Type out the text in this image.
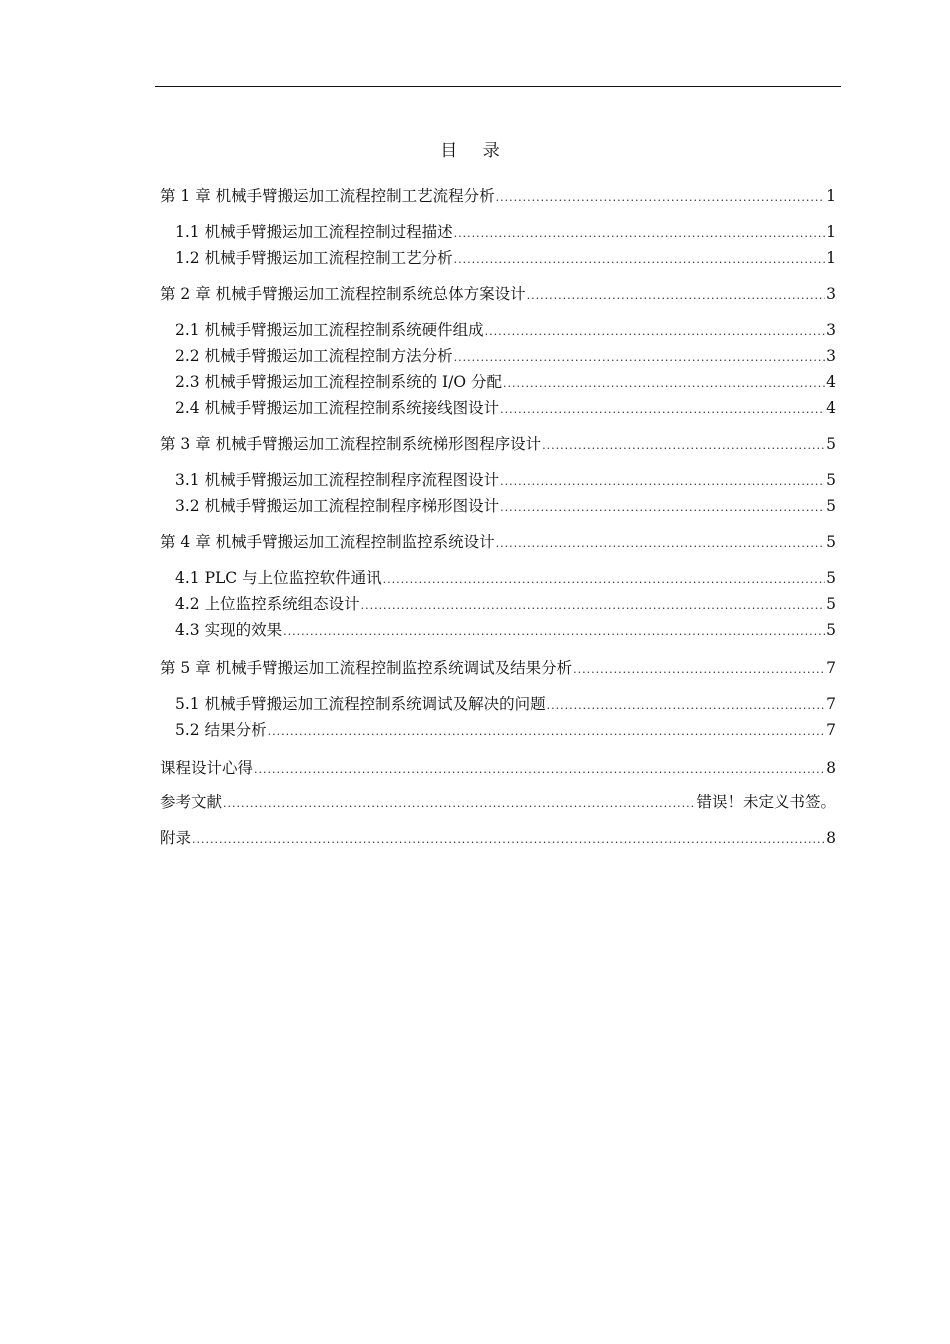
目 录
第 1 章 机械手臂搬运加工流程控制工艺流程分析 .....	1
1.1 机械手臂搬运加工流程控制过程描述 .....	1
1.2 机械手臂搬运加工流程控制工艺分析 .....	1
第 2 章 机械手臂搬运加工流程控制系统总体方案设计 .....	3
2.1 机械手臂搬运加工流程控制系统硬件组成 .....	3
2.2 机械手臂搬运加工流程控制方法分析 .....	3
2.3 机械手臂搬运加工流程控制系统的 I/O 分配 .....	4
2.4 机械手臂搬运加工流程控制系统接线图设计 .....	4
第 3 章 机械手臂搬运加工流程控制系统梯形图程序设计 .....	5
3.1 机械手臂搬运加工流程控制程序流程图设计 .....	5
3.2 机械手臂搬运加工流程控制程序梯形图设计 .....	5
第 4 章 机械手臂搬运加工流程控制监控系统设计 .....	5
4.1 PLC 与上位监控软件通讯 .....	5
4.2 上位监控系统组态设计 .....	5
4.3 实现的效果 .....	5
第 5 章 机械手臂搬运加工流程控制监控系统调试及结果分析 .....	7
5.1 机械手臂搬运加工流程控制系统调试及解决的问题 .....	7
5.2 结果分析 .....	7
课程设计心得 .....	8
参考文献 .....	错误！未定义书签。
附录 .....	8
